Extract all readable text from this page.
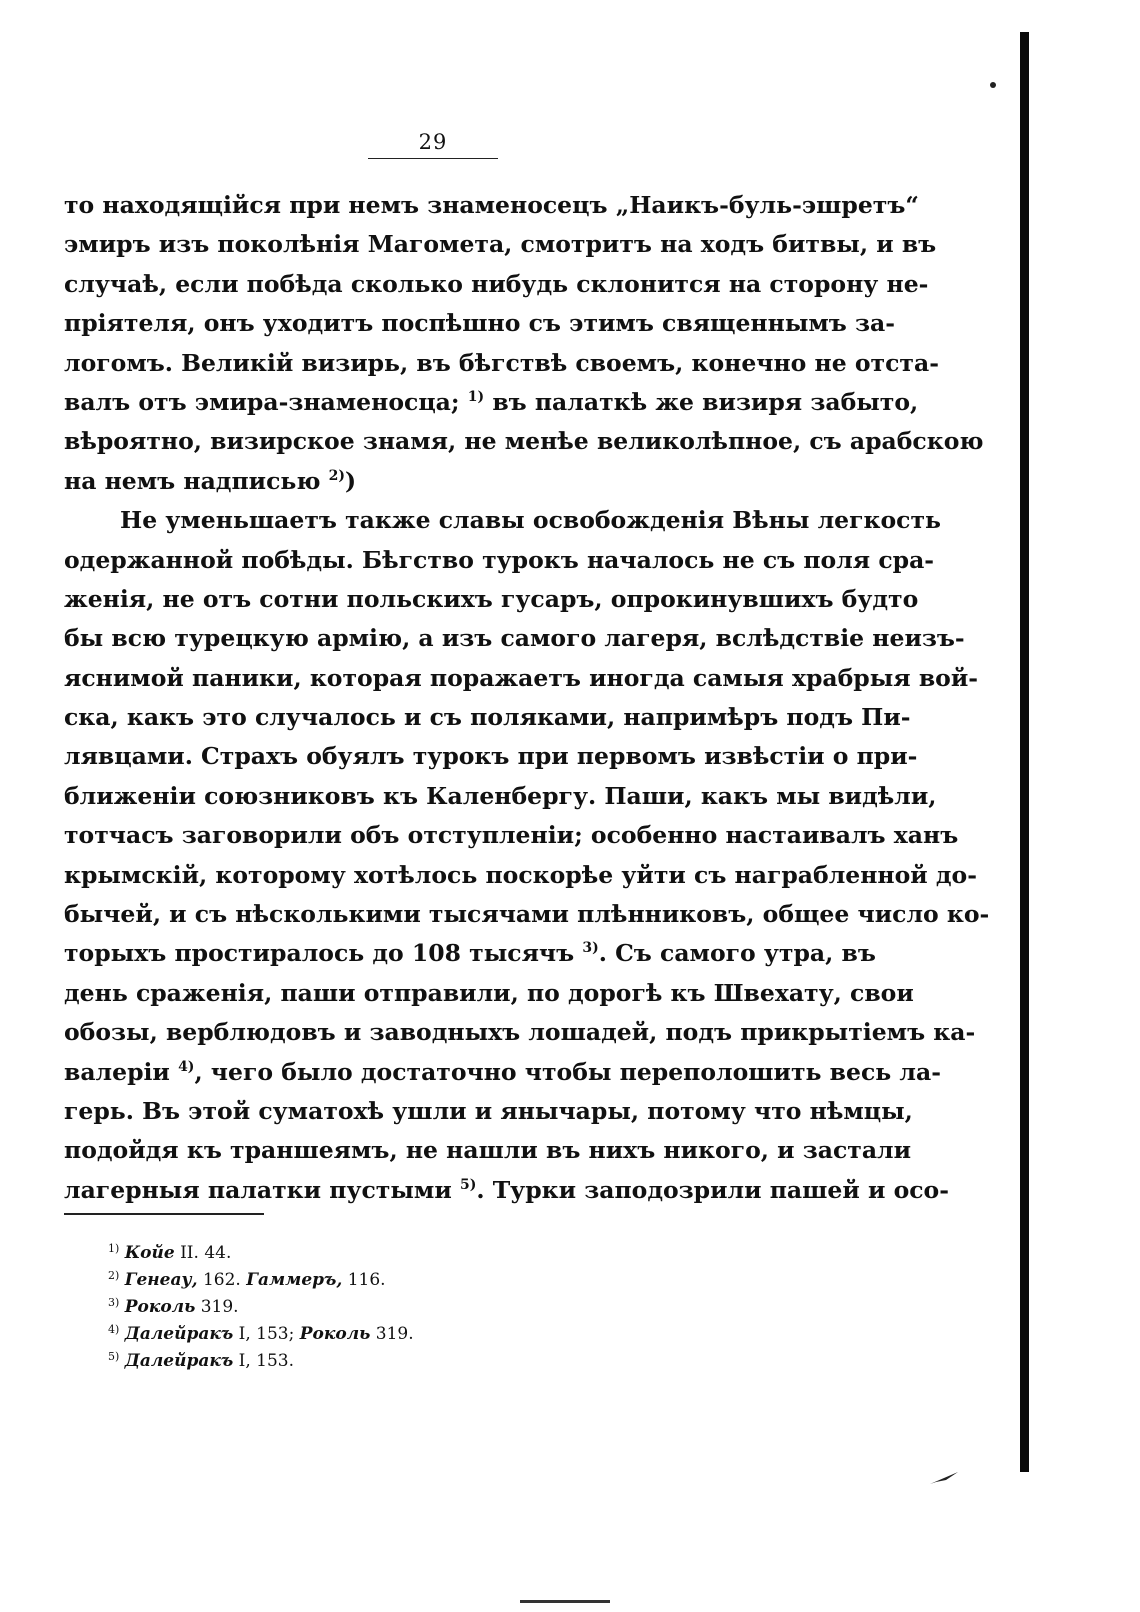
29
то находящійся при немъ знаменосецъ „Наикъ-буль-эшретъ“
эмиръ изъ поколѣнія Магомета, смотритъ на ходъ битвы, и въ
случаѣ, если побѣда сколько нибудь склонится на сторону не-
пріятеля, онъ уходитъ поспѣшно съ этимъ священнымъ за-
логомъ. Великій визирь, въ бѣгствѣ своемъ, конечно не отста-
валъ отъ эмира-знаменосца; $^{1)}$ въ палаткѣ же визиря забыто,
вѣроятно, визирское знамя, не менѣе великолѣпное, съ арабскою
на немъ надписью $^{2)}$)
Не уменьшаетъ также славы освобожденія Вѣны легкость
одержанной побѣды. Бѣгство турокъ началось не съ поля сра-
женія, не отъ сотни польскихъ гусаръ, опрокинувшихъ будто
бы всю турецкую армію, а изъ самого лагеря, вслѣдствіе неизъ-
яснимой паники, которая поражаетъ иногда самыя храбрыя вой-
ска, какъ это случалось и съ поляками, напримѣръ подъ Пи-
лявцами. Страхъ обуялъ турокъ при первомъ извѣстіи о при-
ближеніи союзниковъ къ Каленбергу. Паши, какъ мы видѣли,
тотчасъ заговорили объ отступленіи; особенно настаивалъ ханъ
крымскій, которому хотѣлось поскорѣе уйти съ награбленной до-
бычей, и съ нѣсколькими тысячами плѣнниковъ, общее число ко-
торыхъ простиралось до 108 тысячъ $^{3)}$. Съ самого утра, въ
день сраженія, паши отправили, по дорогѣ къ Швехату, свои
обозы, верблюдовъ и заводныхъ лошадей, подъ прикрытіемъ ка-
валеріи $^{4)}$, чего было достаточно чтобы переполошить весь ла-
герь. Въ этой суматохѣ ушли и янычары, потому что нѣмцы,
подойдя къ траншеямъ, не нашли въ нихъ никого, и застали
лагерныя палатки пустыми $^{5)}$. Турки заподозрили пашей и осо-
$^{1)}$ Койе II. 44.
$^{2)}$ Генеау, 162. Гаммеръ, 116.
$^{3)}$ Роколь 319.
$^{4)}$ Далейракъ I, 153; Роколь 319.
$^{5)}$ Далейракъ I, 153.
